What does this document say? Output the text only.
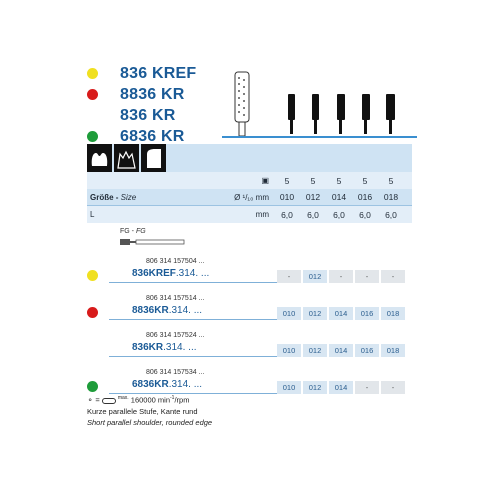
836 KREF
8836 KR
836 KR
6836 KR
▣	5	5	5	5	5
Größe - Size	Ø ¹/₁₀ mm	010	012	014	016	018
L	mm	6,0	6,0	6,0	6,0	6,0
FG - FG
806 314 157504 ...
836KREF.314. ...	-	012	-	-	-
806 314 157514 ...
8836KR.314. ...	010	012	014	016	018
806 314 157524 ...
836KR.314. ...	010	012	014	016	018
806 314 157534 ...
6836KR.314. ...	010	012	014	-	-
⚬ =	$^{max.}$ 160000 $\min^{-1}$/rpm
Kurze parallele Stufe, Kante rund
Short parallel shoulder, rounded edge
